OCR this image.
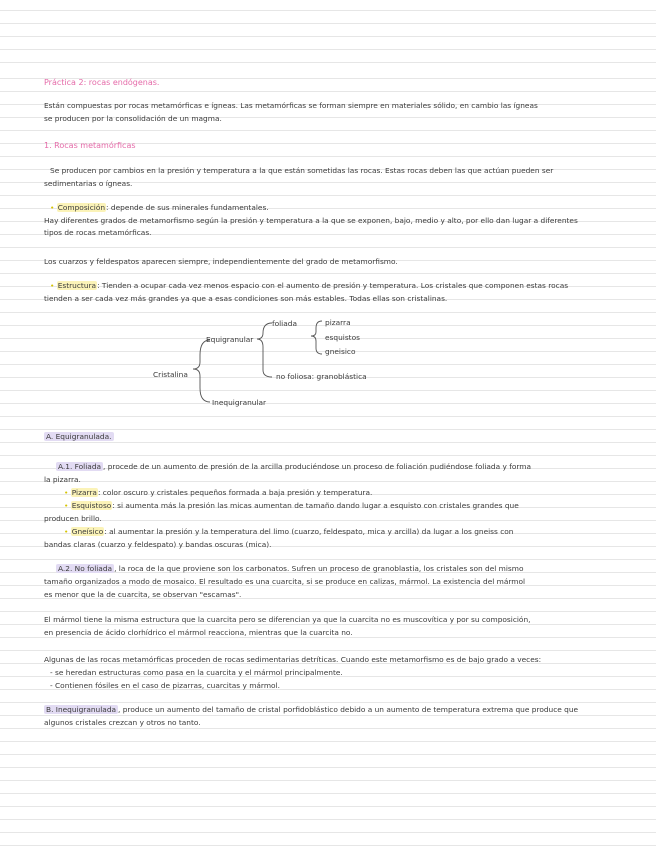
Práctica 2: rocas endógenas.
Están compuestas por rocas metamórficas e ígneas. Las metamórficas se forman siempre en materiales sólido, en cambio las ígneas
se producen por la consolidación de un magma.
1. Rocas metamórficas
Se producen por cambios en la presión y temperatura a la que están sometidas las rocas. Estas rocas deben las que actúan pueden ser
sedimentarias o ígneas.
• Composición: depende de sus minerales fundamentales.
Hay diferentes grados de metamorfismo según la presión y temperatura a la que se exponen, bajo, medio y alto, por ello dan lugar a diferentes
tipos de rocas metamórficas.
Los cuarzos y feldespatos aparecen siempre, independientemente del grado de metamorfismo.
• Estructura: Tienden a ocupar cada vez menos espacio con el aumento de presión y temperatura. Los cristales que componen estas rocas
tienden a ser cada vez más grandes ya que a esas condiciones son más estables. Todas ellas son cristalinas.
Cristalina
Equigranular
Inequigranular
foliada
no foliosa: granoblástica
pizarra
esquistos
gneisico
A. Equigranulada.
A.1. Foliada , procede de un aumento de presión de la arcilla produciéndose un proceso de foliación pudiéndose foliada y forma
la pizarra.
• Pizarra: color oscuro y cristales pequeños formada a baja presión y temperatura.
• Esquistoso: si aumenta más la presión las micas aumentan de tamaño dando lugar a esquisto con cristales grandes que
producen brillo.
• Gneísico: al aumentar la presión y la temperatura del limo (cuarzo, feldespato, mica y arcilla) da lugar a los gneiss con
bandas claras (cuarzo y feldespato) y bandas oscuras (mica).
A.2. No foliada , la roca de la que proviene son los carbonatos. Sufren un proceso de granoblastia, los cristales son del mismo
tamaño organizados a modo de mosaico. El resultado es una cuarcita, si se produce en calizas, mármol. La existencia del mármol
es menor que la de cuarcita, se observan "escamas".
El mármol tiene la misma estructura que la cuarcita pero se diferencian ya que la cuarcita no es muscovítica y por su composición,
en presencia de ácido clorhídrico el mármol reacciona, mientras que la cuarcita no.
Algunas de las rocas metamórficas proceden de rocas sedimentarias detríticas. Cuando este metamorfismo es de bajo grado a veces:
- se heredan estructuras como pasa en la cuarcita y el mármol principalmente.
- Contienen fósiles en el caso de pizarras, cuarcitas y mármol.
B. Inequigranulada , produce un aumento del tamaño de cristal porfidoblástico debido a un aumento de temperatura extrema que produce que
algunos cristales crezcan y otros no tanto.
